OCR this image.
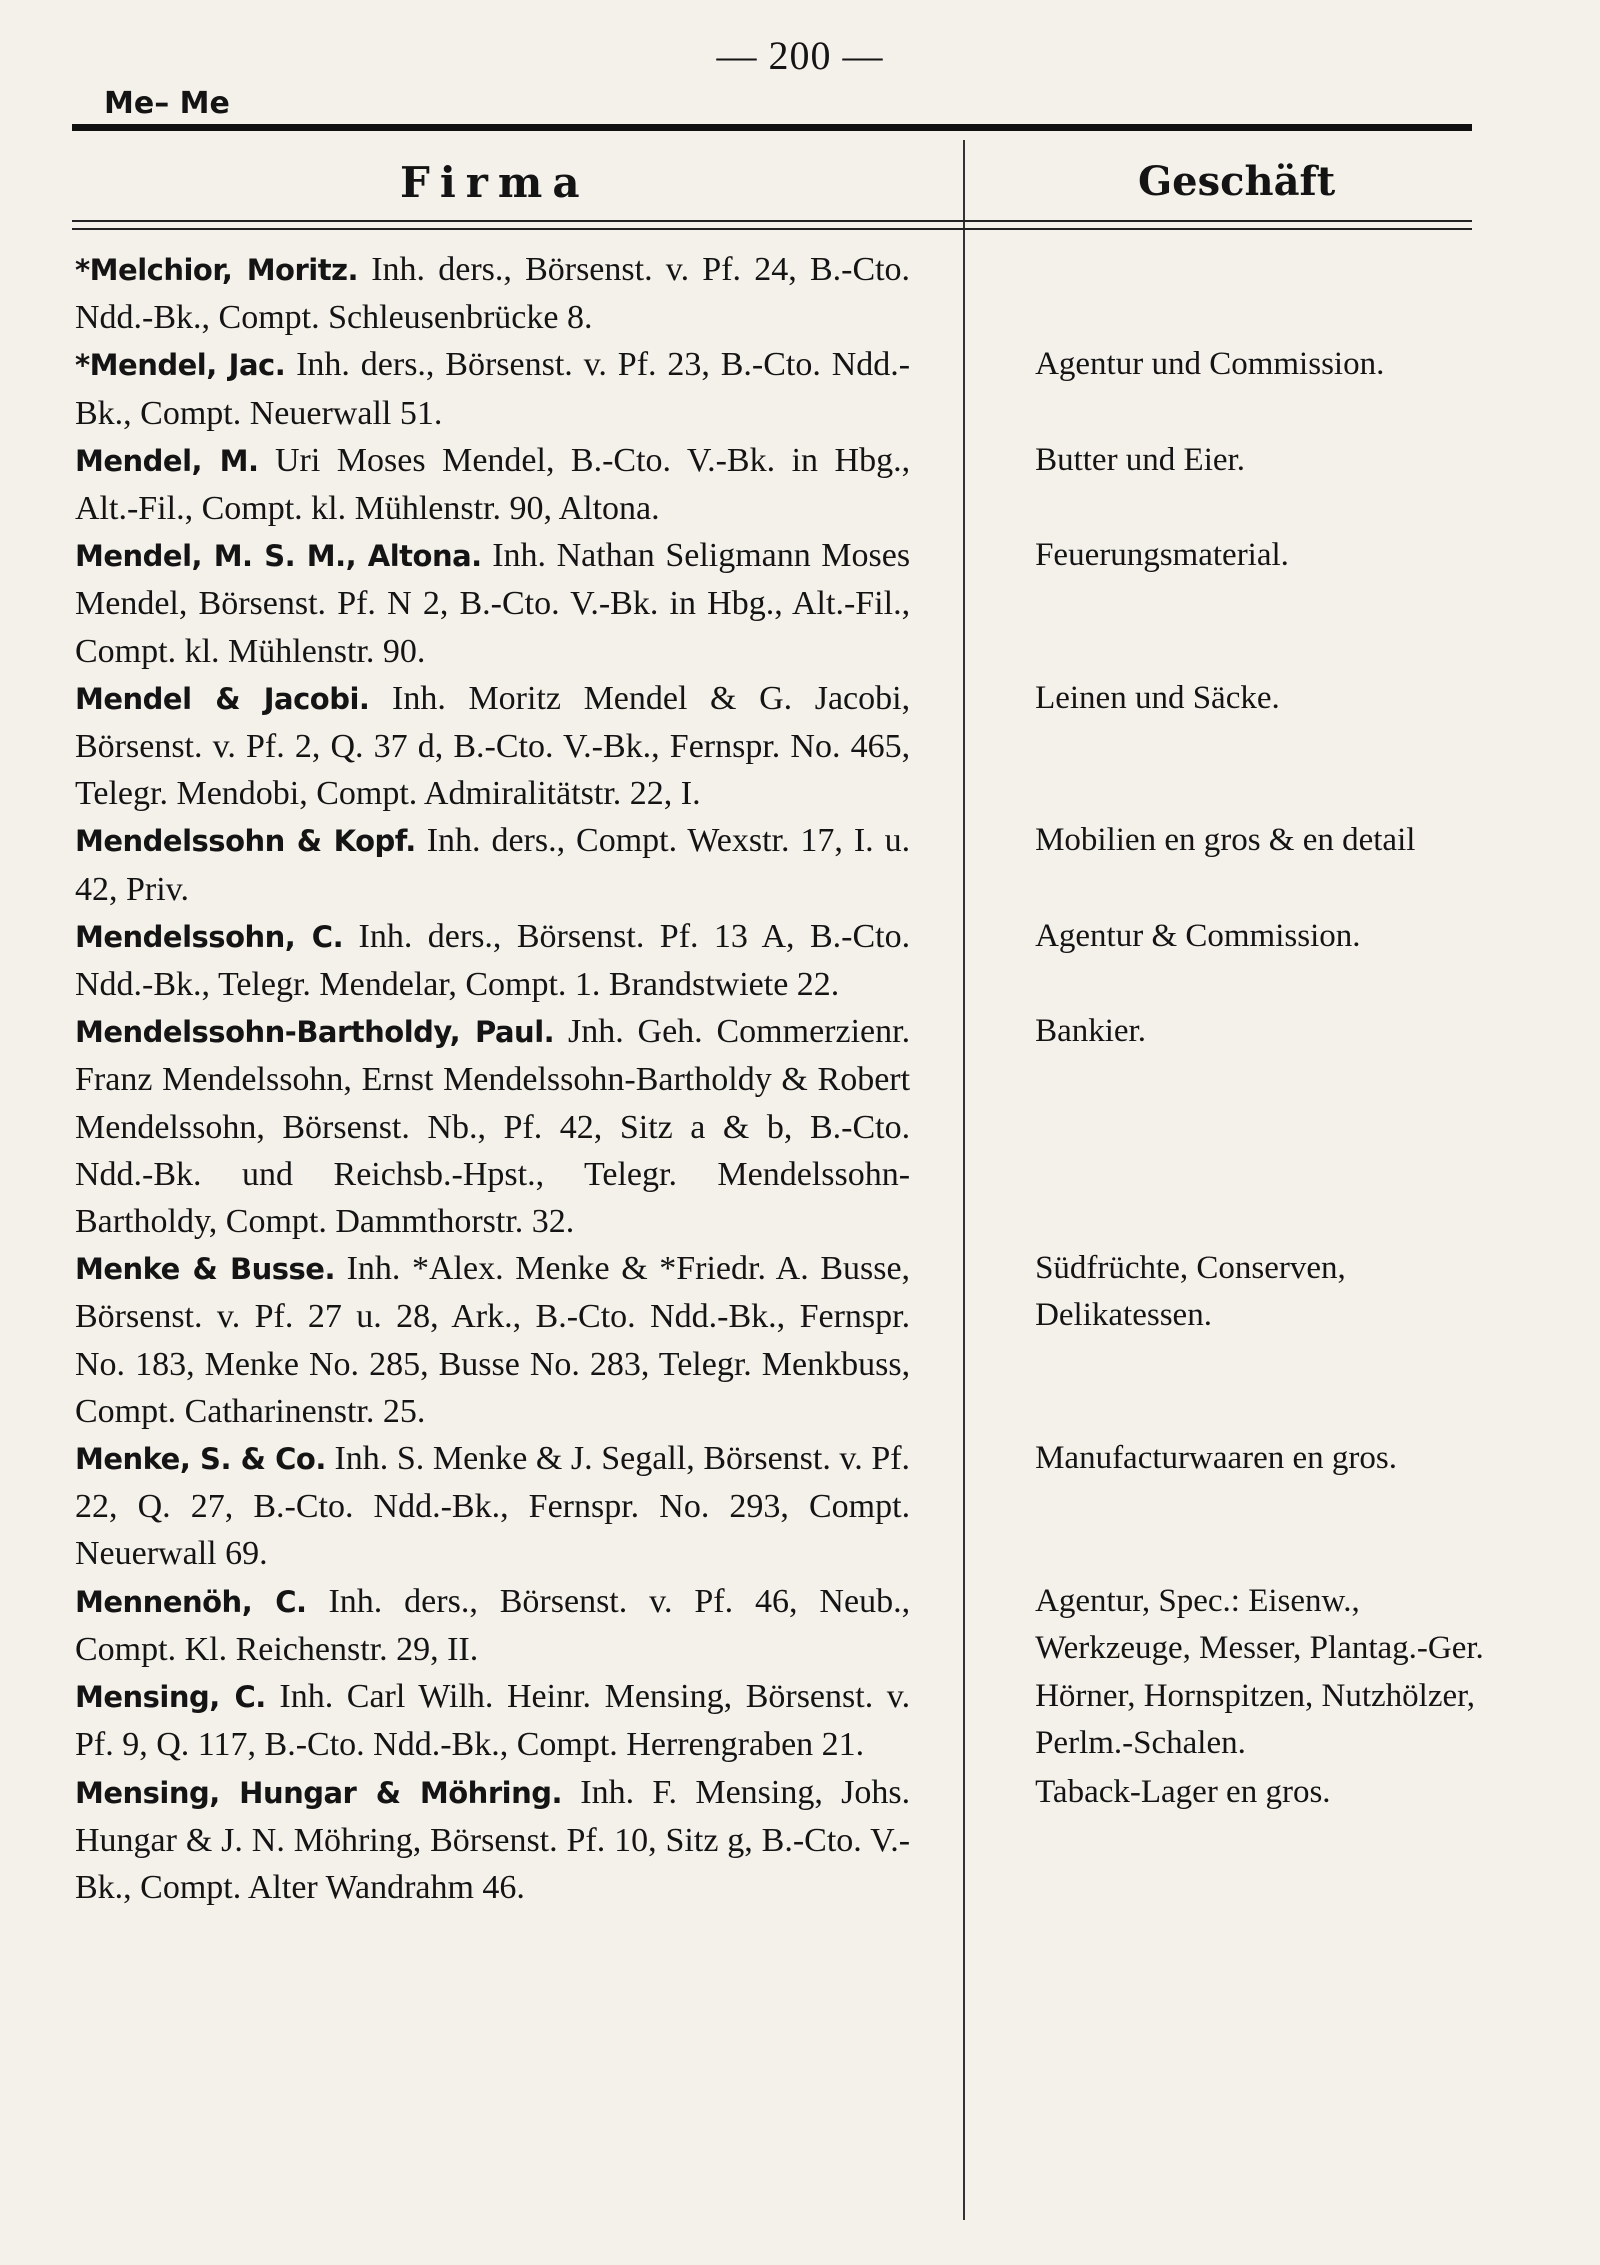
— 200 —
Me– Me
Firma	Geschäft
*Melchior, Moritz. Inh. ders., Börsenst. v. Pf. 24, B.-Cto. Ndd.-Bk., Compt. Schleusenbrücke 8.
*Mendel, Jac. Inh. ders., Börsenst. v. Pf. 23, B.-Cto. Ndd.-Bk., Compt. Neuerwall 51.
Agentur und Commission.
Mendel, M. Uri Moses Mendel, B.-Cto. V.-Bk. in Hbg., Alt.-Fil., Compt. kl. Mühlenstr. 90, Altona.
Butter und Eier.
Mendel, M. S. M., Altona. Inh. Nathan Seligmann Moses Mendel, Börsenst. Pf. N 2, B.-Cto. V.-Bk. in Hbg., Alt.-Fil., Compt. kl. Mühlenstr. 90.
Feuerungsmaterial.
Mendel & Jacobi. Inh. Moritz Mendel & G. Jacobi, Börsenst. v. Pf. 2, Q. 37 d, B.-Cto. V.-Bk., Fernspr. No. 465, Telegr. Mendobi, Compt. Admiralitätstr. 22, I.
Leinen und Säcke.
Mendelssohn & Kopf. Inh. ders., Compt. Wexstr. 17, I. u. 42, Priv.
Mobilien en gros & en detail
Mendelssohn, C. Inh. ders., Börsenst. Pf. 13 A, B.-Cto. Ndd.-Bk., Telegr. Mendelar, Compt. 1. Brandstwiete 22.
Agentur & Commission.
Mendelssohn-Bartholdy, Paul. Jnh. Geh. Commerzienr. Franz Mendelssohn, Ernst Mendelssohn-Bartholdy & Robert Mendelssohn, Börsenst. Nb., Pf. 42, Sitz a & b, B.-Cto. Ndd.-Bk. und Reichsb.-Hpst., Telegr. Mendelssohn-Bartholdy, Compt. Dammthorstr. 32.
Bankier.
Menke & Busse. Inh. *Alex. Menke & *Friedr. A. Busse, Börsenst. v. Pf. 27 u. 28, Ark., B.-Cto. Ndd.-Bk., Fernspr. No. 183, Menke No. 285, Busse No. 283, Telegr. Menkbuss, Compt. Catharinenstr. 25.
Südfrüchte, Conserven, Delikatessen.
Menke, S. & Co. Inh. S. Menke & J. Segall, Börsenst. v. Pf. 22, Q. 27, B.-Cto. Ndd.-Bk., Fernspr. No. 293, Compt. Neuerwall 69.
Manufacturwaaren en gros.
Mennenöh, C. Inh. ders., Börsenst. v. Pf. 46, Neub., Compt. Kl. Reichenstr. 29, II.
Agentur, Spec.: Eisenw., Werkzeuge, Messer, Plantag.-Ger.
Mensing, C. Inh. Carl Wilh. Heinr. Mensing, Börsenst. v. Pf. 9, Q. 117, B.-Cto. Ndd.-Bk., Compt. Herrengraben 21.
Hörner, Hornspitzen, Nutzhölzer, Perlm.-Schalen.
Mensing, Hungar & Möhring. Inh. F. Mensing, Johs. Hungar & J. N. Möhring, Börsenst. Pf. 10, Sitz g, B.-Cto. V.-Bk., Compt. Alter Wandrahm 46.
Taback-Lager en gros.
